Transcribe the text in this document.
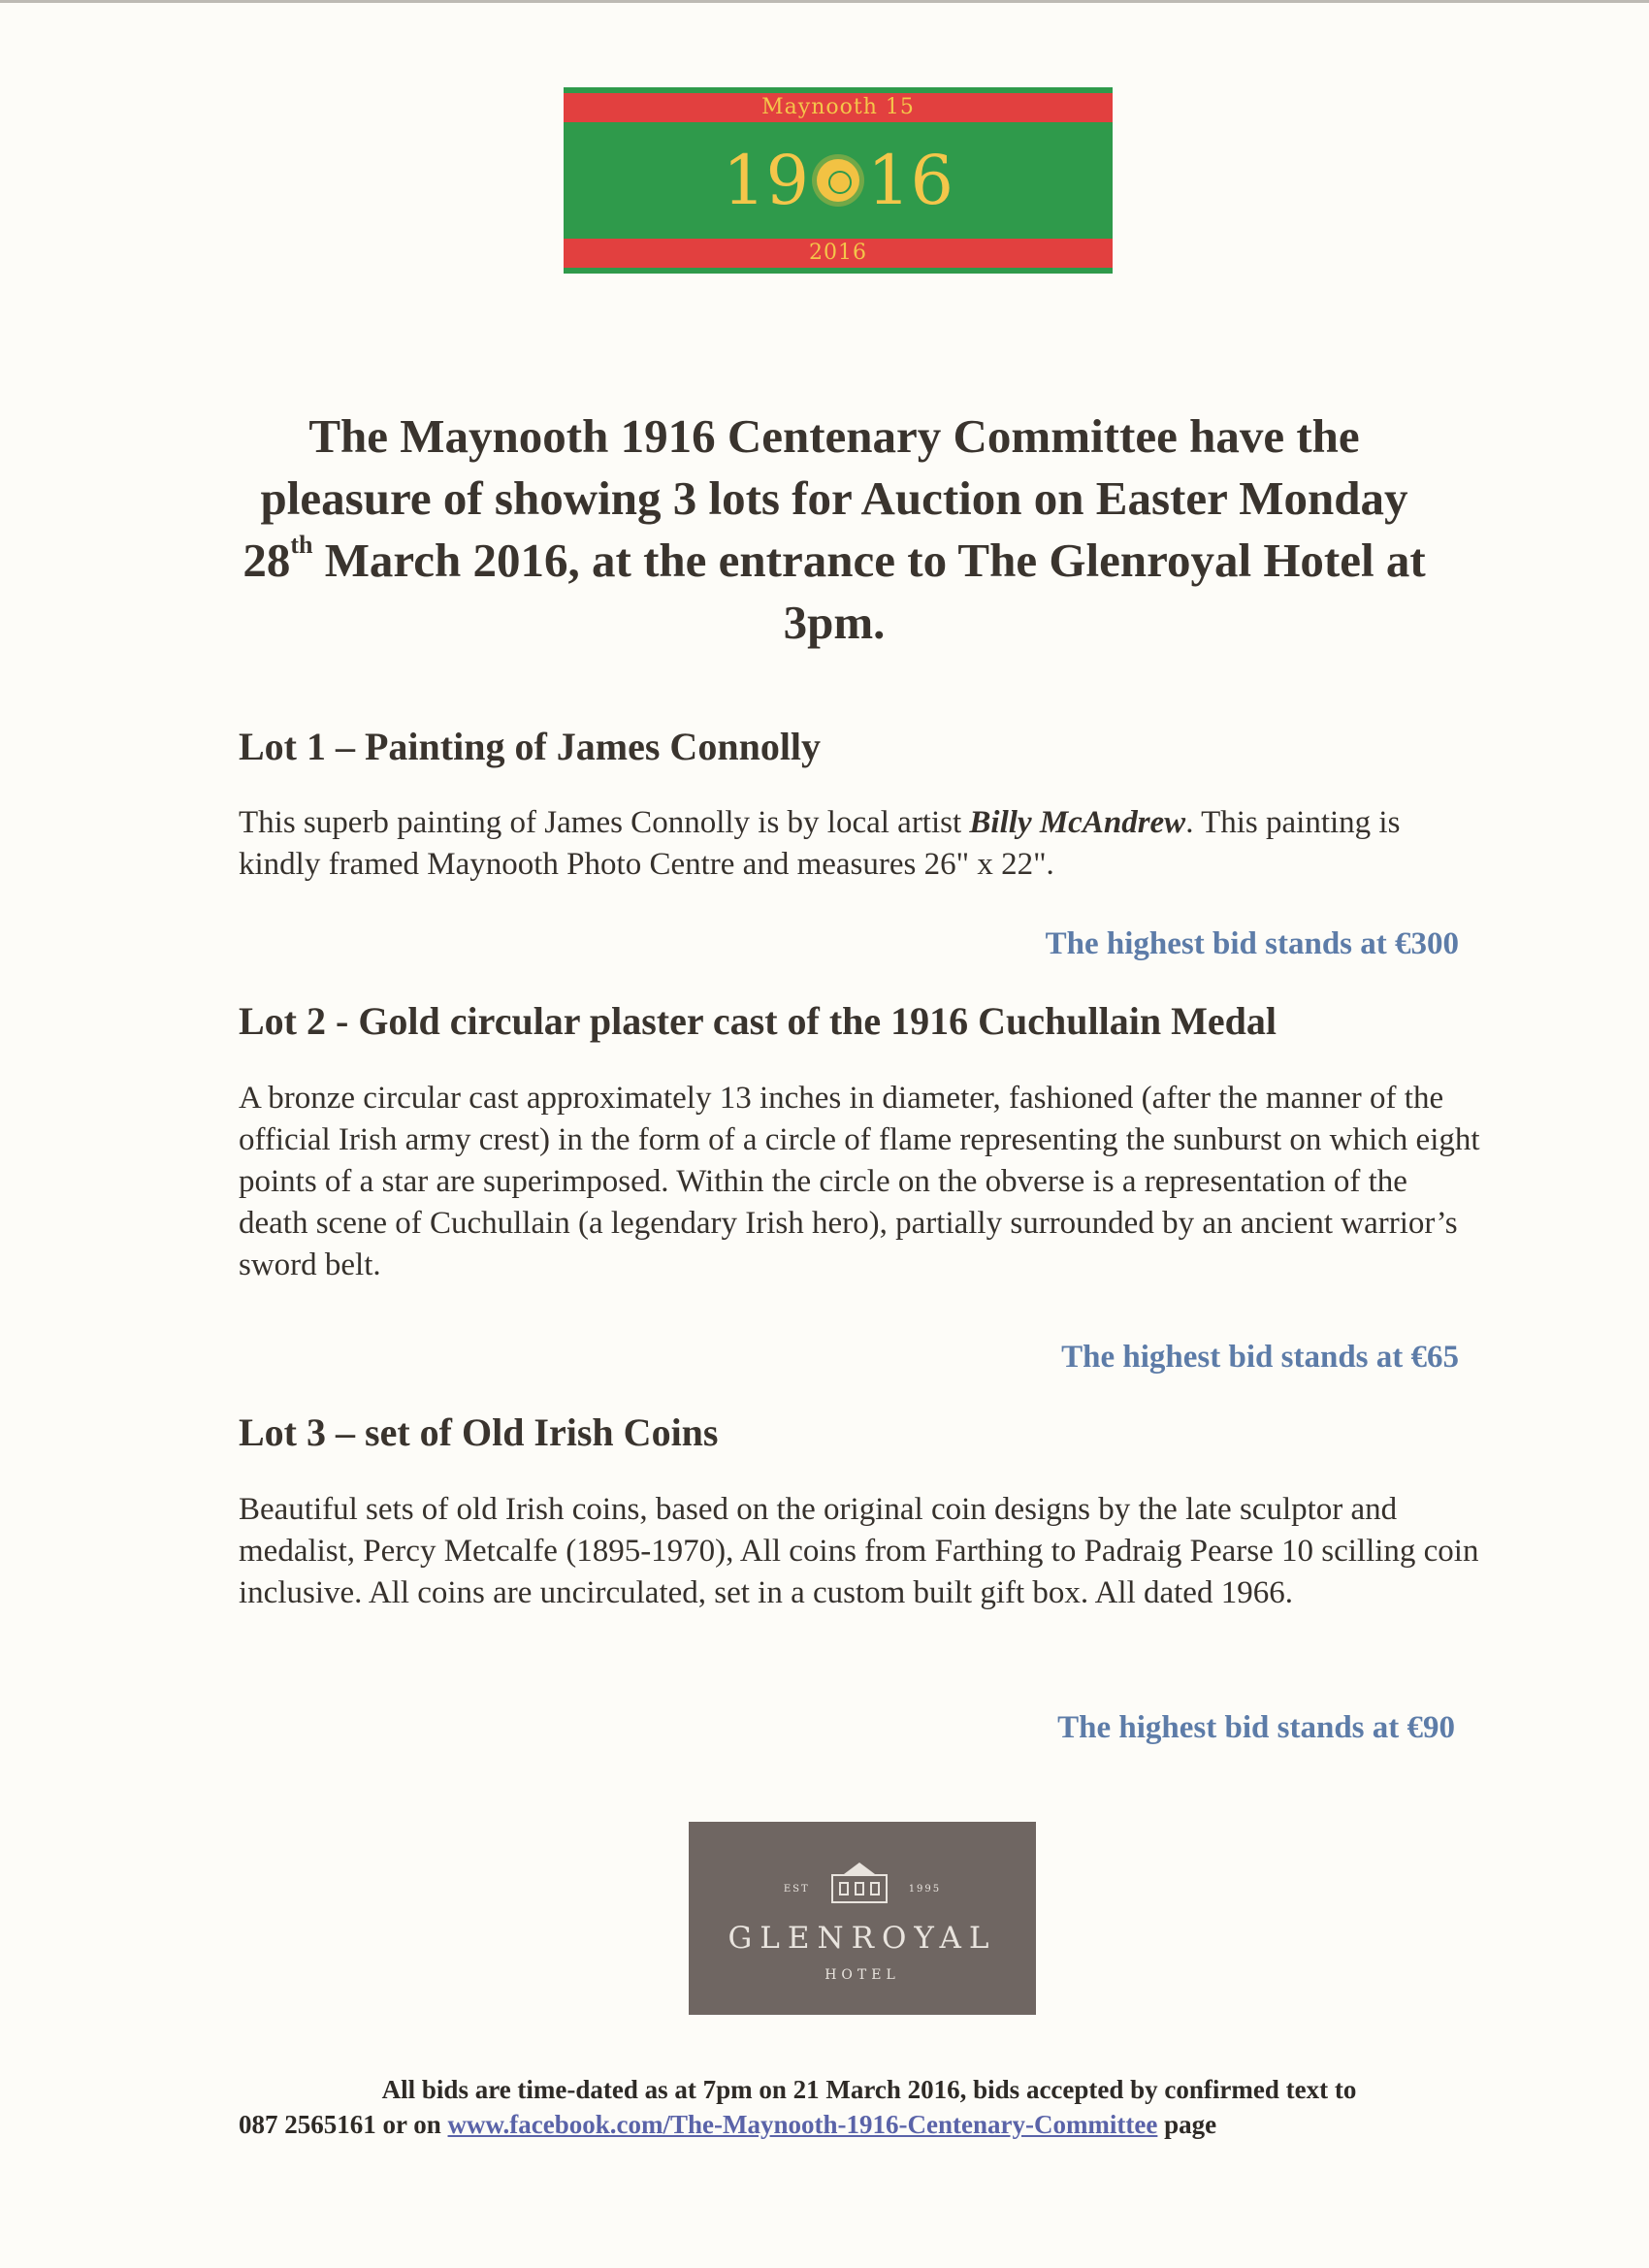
Maynooth 15
19 16
2016
The Maynooth 1916 Centenary Committee have the pleasure of showing 3 lots for Auction on Easter Monday 28th March 2016, at the entrance to The Glenroyal Hotel at 3pm.
Lot 1 – Painting of James Connolly
This superb painting of James Connolly is by local artist Billy McAndrew. This painting is kindly framed Maynooth Photo Centre and measures 26" x 22".
The highest bid stands at €300
Lot 2 - Gold circular plaster cast of the 1916 Cuchullain Medal
A bronze circular cast approximately 13 inches in diameter, fashioned (after the manner of the official Irish army crest) in the form of a circle of flame representing the sunburst on which eight points of a star are superimposed. Within the circle on the obverse is a representation of the death scene of Cuchullain (a legendary Irish hero), partially surrounded by an ancient warrior’s sword belt.
The highest bid stands at €65
Lot 3 – set of Old Irish Coins
Beautiful sets of old Irish coins, based on the original coin designs by the late sculptor and medalist, Percy Metcalfe (1895-1970), All coins from Farthing to Padraig Pearse 10 scilling coin inclusive. All coins are uncirculated, set in a custom built gift box. All dated 1966.
The highest bid stands at €90
EST	1995
GLENROYAL
HOTEL
All bids are time-dated as at 7pm on 21 March 2016, bids accepted by confirmed text to
087 2565161 or on www.facebook.com/The-Maynooth-1916-Centenary-Committee page
